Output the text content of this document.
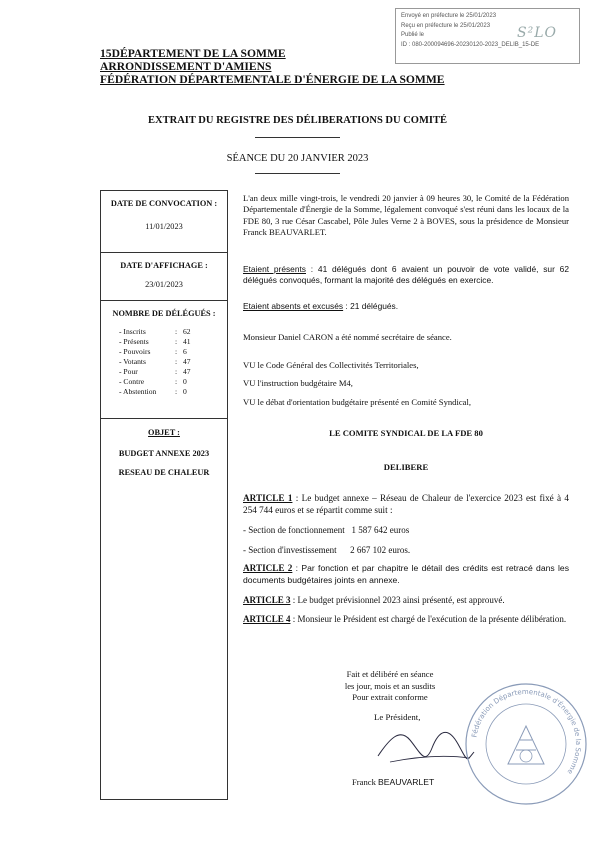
Envoyé en préfecture le 25/01/2023
Reçu en préfecture le 25/01/2023
Publié le
ID : 080-200094696-20230120-2023_DELIB_15-DE
S²LO
15DÉPARTEMENT DE LA SOMME
ARRONDISSEMENT D'AMIENS
FÉDÉRATION DÉPARTEMENTALE D'ÉNERGIE DE LA SOMME
EXTRAIT DU REGISTRE DES DÉLIBERATIONS DU COMITÉ
SÉANCE DU 20 JANVIER 2023
DATE DE CONVOCATION :
11/01/2023
DATE D'AFFICHAGE :
23/01/2023
NOMBRE DE DÉLÉGUÉS :
- Inscrits	: 62
- Présents	: 41
- Pouvoirs	: 6
- Votants	: 47
- Pour	: 47
- Contre	: 0
- Abstention : 0
OBJET :
BUDGET ANNEXE 2023
RESEAU DE CHALEUR
L'an deux mille vingt-trois, le vendredi 20 janvier à 09 heures 30, le Comité de la Fédération Départementale d'Énergie de la Somme, légalement convoqué s'est réuni dans les locaux de la FDE 80, 3 rue César Cascabel, Pôle Jules Verne 2 à BOVES, sous la présidence de Monsieur Franck BEAUVARLET.
Etaient présents : 41 délégués dont 6 avaient un pouvoir de vote validé, sur 62 délégués convoqués, formant la majorité des délégués en exercice.
Etaient absents et excusés : 21 délégués.
Monsieur Daniel CARON a été nommé secrétaire de séance.
VU le Code Général des Collectivités Territoriales,
VU l'instruction budgétaire M4,
VU le débat d'orientation budgétaire présenté en Comité Syndical,
LE COMITE SYNDICAL DE LA FDE 80
DELIBERE
ARTICLE 1 : Le budget annexe – Réseau de Chaleur de l'exercice 2023 est fixé à 4 254 744 euros et se répartit comme suit :
- Section de fonctionnement   1 587 642 euros
- Section d'investissement      2 667 102 euros.
ARTICLE 2 : Par fonction et par chapitre le détail des crédits est retracé dans les documents budgétaires joints en annexe.
ARTICLE 3 : Le budget prévisionnel 2023 ainsi présenté, est approuvé.
ARTICLE 4 : Monsieur le Président est chargé de l'exécution de la présente délibération.
Fait et délibéré en séance
les jour, mois et an susdits
Pour extrait conforme
Le Président,
Franck BEAUVARLET
Fédération Départementale d'Énergie de la Somme
